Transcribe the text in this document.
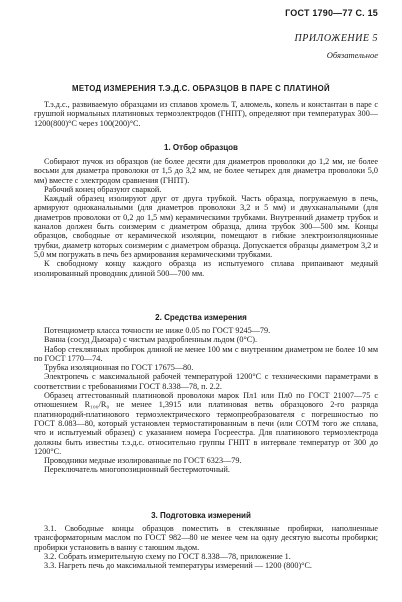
ГОСТ 1790—77 С. 15
ПРИЛОЖЕНИЕ 5
Обязательное
МЕТОД ИЗМЕРЕНИЯ Т.Э.Д.С. ОБРАЗЦОВ В ПАРЕ С ПЛАТИНОЙ

Т.э.д.с., развиваемую образцами из сплавов хромель Т, алюмель, копель и константан в паре с грушпой нормальных платиновых термоэлектродов (ГНПТ), определяют при температурах 300—1200(800)°С через 100(200)°С.

1. Отбор образцов

Собирают пучок из образцов (не более десяти для диаметров проволоки до 1,2 мм, не более восьми для диаметра проволоки от 1,5 до 3,2 мм, не более четырех для диаметра проволоки 5,0 мм) вместе с электродом сравнения (ГНПТ).

Рабочий конец образуют сваркой.

Каждый образец изолируют друг от друга трубкой. Часть образца, погружаемую в печь, армируют одноканальными (для диаметров проволоки 3,2 и 5 мм) и двухканальными (для диаметров проволоки от 0,2 до 1,5 мм) керамическими трубками. Внутренний диаметр трубок и каналов должен быть соизмерим с диаметром образца, длина трубок 300—500 мм. Концы образцов, свободные от керамической изоляции, помещают в гибкие электроизоляционные трубки, диаметр которых соизмерим с диаметром образца. Допускается образцы диаметром 3,2 и 5,0 мм погружать в печь без армирования керамическими трубками.

К свободному концу каждого образца из испытуемого сплава припаивают медный изолированный проводник длиной 500—700 мм.

2. Средства измерения

Потенциометр класса точности не ниже 0.05 по ГОСТ 9245—79.

Ванна (сосуд Дьюара) с чистым раздробленным льдом (0°С).

Набор стеклянных пробирок длиной не менее 100 мм с внутренним диаметром не более 10 мм по ГОСТ 1770—74.

Трубка изоляционная по ГОСТ 17675—80.

Электропечь с максимальной рабочей температурой 1200°С с техническими параметрами в соответствии с требованиями ГОСТ 8.338—78, п. 2.2.

Образец аттестованный платиновой проволоки марок Пл1 или Пл0 по ГОСТ 21007—75 с отношением R₁₀₀/R₀ не менее 1,3915 или платиновая ветвь образцового 2-го разряда платинородий-платинового термоэлектрического термопреобразователя с погрешностью по ГОСТ 8.083—80, который установлен термостатированным в печи (или СОТМ того же сплава, что и испытуемый образец) с указанием номера Госреестра. Для платинового термоэлектрода должны быть известны т.э.д.с. относительно группы ГНПТ в интервале температур от 300 до 1200°С.

Проводники медные изолированные по ГОСТ 6323—79.

Переключатель многопозиционный бестермоточный.

3. Подготовка измерений

3.1. Свободные концы образцов поместить в стеклянные пробирки, наполненные трансформаторным маслом по ГОСТ 982—80 не менее чем на одну десятую высоты пробирки; пробирки установить в ванну с таюшим льдом.

3.2. Собрать измерительную схему по ГОСТ 8.338—78, приложение 1.

3.3. Нагреть печь до максимальной температуры измерений — 1200 (800)°С.
